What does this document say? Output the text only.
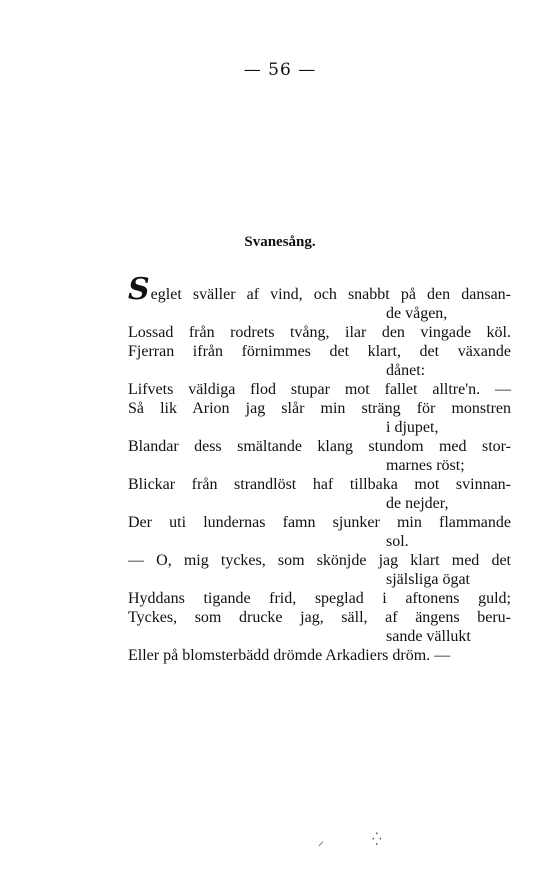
— 56 —
Svanesång.
Seglet sväller af vind, och snabbt på den dansan-
de vågen,
Lossad från rodrets tvång, ilar den vingade köl.
Fjerran ifrån förnimmes det klart, det växande
dånet:
Lifvets väldiga flod stupar mot fallet alltre'n. —
Så lik Arion jag slår min sträng för monstren
i djupet,
Blandar dess smältande klang stundom med stor-
marnes röst;
Blickar från strandlöst haf tillbaka mot svinnan-
de nejder,
Der uti lundernas famn sjunker min flammande
sol.
— O, mig tyckes, som skönjde jag klart med det
själsliga ögat
Hyddans tigande frid, speglad i aftonens guld;
Tyckes, som drucke jag, säll, af ängens beru-
sande vällukt
Eller på blomsterbädd drömde Arkadiers dröm. —
⸝	⁛
